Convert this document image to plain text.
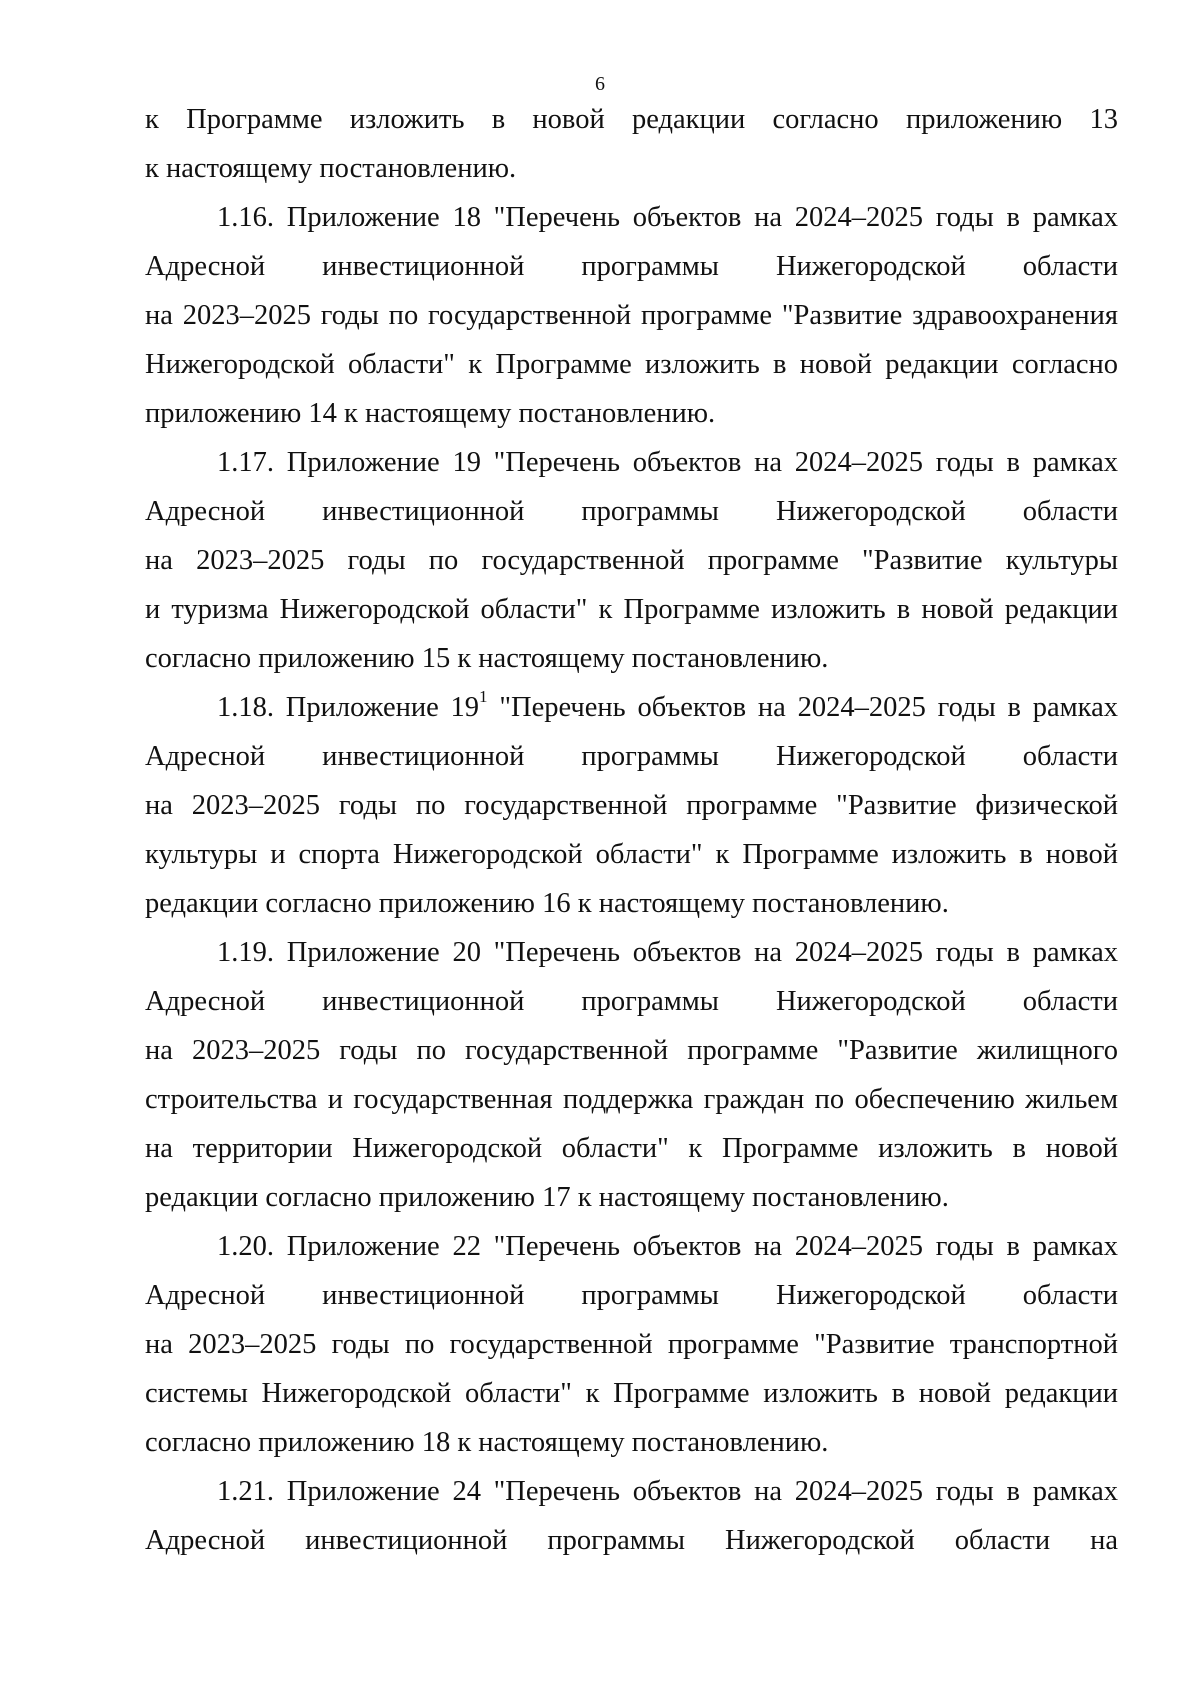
6
к Программе изложить в новой редакции согласно приложению 13
к настоящему постановлению.
1.16. Приложение 18 "Перечень объектов на 2024–2025 годы в рамках
Адресной инвестиционной программы Нижегородской области
на 2023–2025 годы по государственной программе "Развитие здравоохранения
Нижегородской области" к Программе изложить в новой редакции согласно
приложению 14 к настоящему постановлению.
1.17. Приложение 19 "Перечень объектов на 2024–2025 годы в рамках
Адресной инвестиционной программы Нижегородской области
на 2023–2025 годы по государственной программе "Развитие культуры
и туризма Нижегородской области" к Программе изложить в новой редакции
согласно приложению 15 к настоящему постановлению.
1.18. Приложение $19^1$ "Перечень объектов на 2024–2025 годы в рамках
Адресной инвестиционной программы Нижегородской области
на 2023–2025 годы по государственной программе "Развитие физической
культуры и спорта Нижегородской области" к Программе изложить в новой
редакции согласно приложению 16 к настоящему постановлению.
1.19. Приложение 20 "Перечень объектов на 2024–2025 годы в рамках
Адресной инвестиционной программы Нижегородской области
на 2023–2025 годы по государственной программе "Развитие жилищного
строительства и государственная поддержка граждан по обеспечению жильем
на территории Нижегородской области" к Программе изложить в новой
редакции согласно приложению 17 к настоящему постановлению.
1.20. Приложение 22 "Перечень объектов на 2024–2025 годы в рамках
Адресной инвестиционной программы Нижегородской области
на 2023–2025 годы по государственной программе "Развитие транспортной
системы Нижегородской области" к Программе изложить в новой редакции
согласно приложению 18 к настоящему постановлению.
1.21. Приложение 24 "Перечень объектов на 2024–2025 годы в рамках
Адресной инвестиционной программы Нижегородской области на
